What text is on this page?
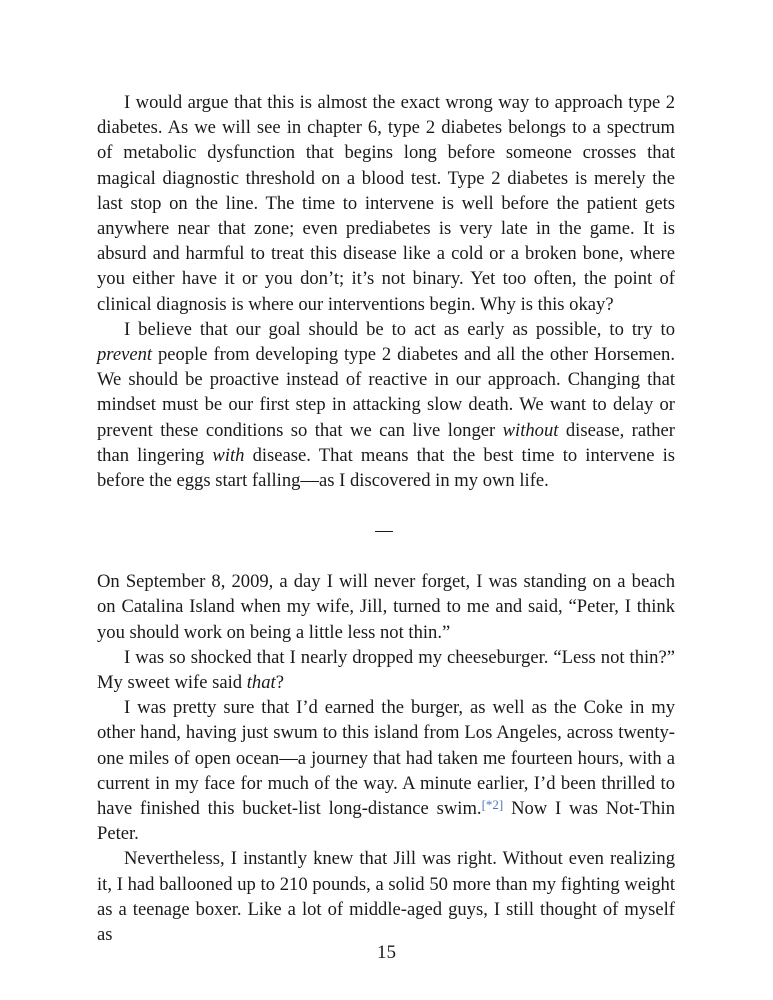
I would argue that this is almost the exact wrong way to approach type 2 diabetes. As we will see in chapter 6, type 2 diabetes belongs to a spectrum of metabolic dysfunction that begins long before someone crosses that magical diagnostic threshold on a blood test. Type 2 diabetes is merely the last stop on the line. The time to intervene is well before the patient gets anywhere near that zone; even prediabetes is very late in the game. It is absurd and harmful to treat this disease like a cold or a broken bone, where you either have it or you don’t; it’s not binary. Yet too often, the point of clinical diagnosis is where our interventions begin. Why is this okay?

I believe that our goal should be to act as early as possible, to try to prevent people from developing type 2 diabetes and all the other Horsemen. We should be proactive instead of reactive in our approach. Changing that mindset must be our first step in attacking slow death. We want to delay or prevent these conditions so that we can live longer without disease, rather than lingering with disease. That means that the best time to intervene is before the eggs start falling—as I discovered in my own life.

On September 8, 2009, a day I will never forget, I was standing on a beach on Catalina Island when my wife, Jill, turned to me and said, “Peter, I think you should work on being a little less not thin.”

I was so shocked that I nearly dropped my cheeseburger. “Less not thin?” My sweet wife said that?

I was pretty sure that I’d earned the burger, as well as the Coke in my other hand, having just swum to this island from Los Angeles, across twenty-one miles of open ocean—a journey that had taken me fourteen hours, with a current in my face for much of the way. A minute earlier, I’d been thrilled to have finished this bucket-list long-distance swim.[*2] Now I was Not-Thin Peter.

Nevertheless, I instantly knew that Jill was right. Without even realizing it, I had ballooned up to 210 pounds, a solid 50 more than my fighting weight as a teenage boxer. Like a lot of middle-aged guys, I still thought of myself as

15
